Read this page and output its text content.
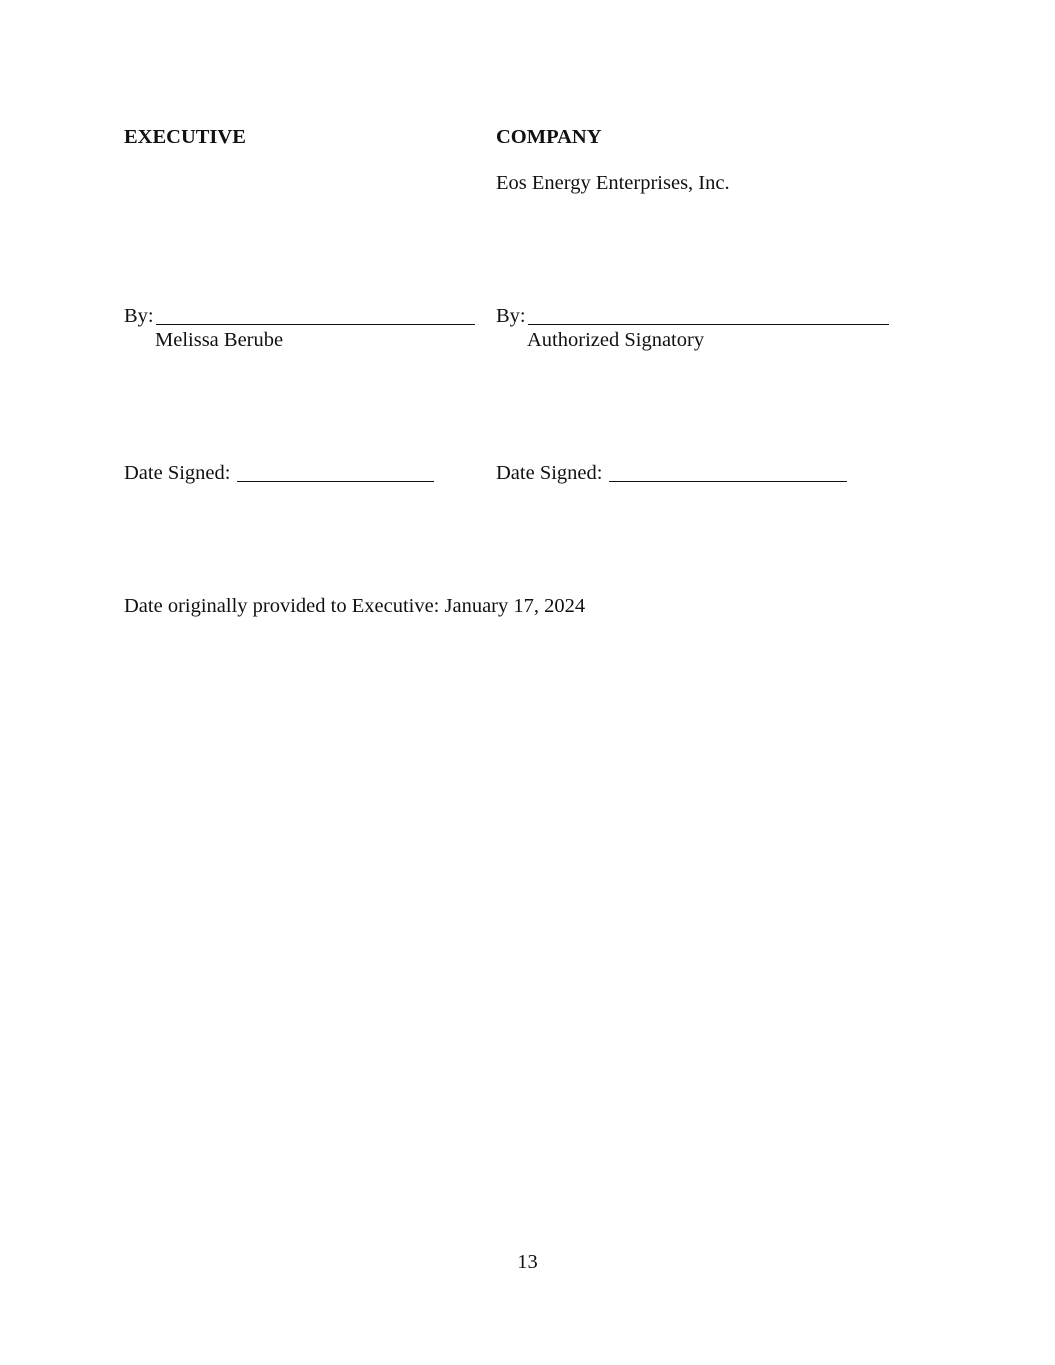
EXECUTIVE
By:
Melissa Berube
Date Signed:
COMPANY
Eos Energy Enterprises, Inc.
By:
Authorized Signatory
Date Signed:
Date originally provided to Executive: January 17, 2024
13
